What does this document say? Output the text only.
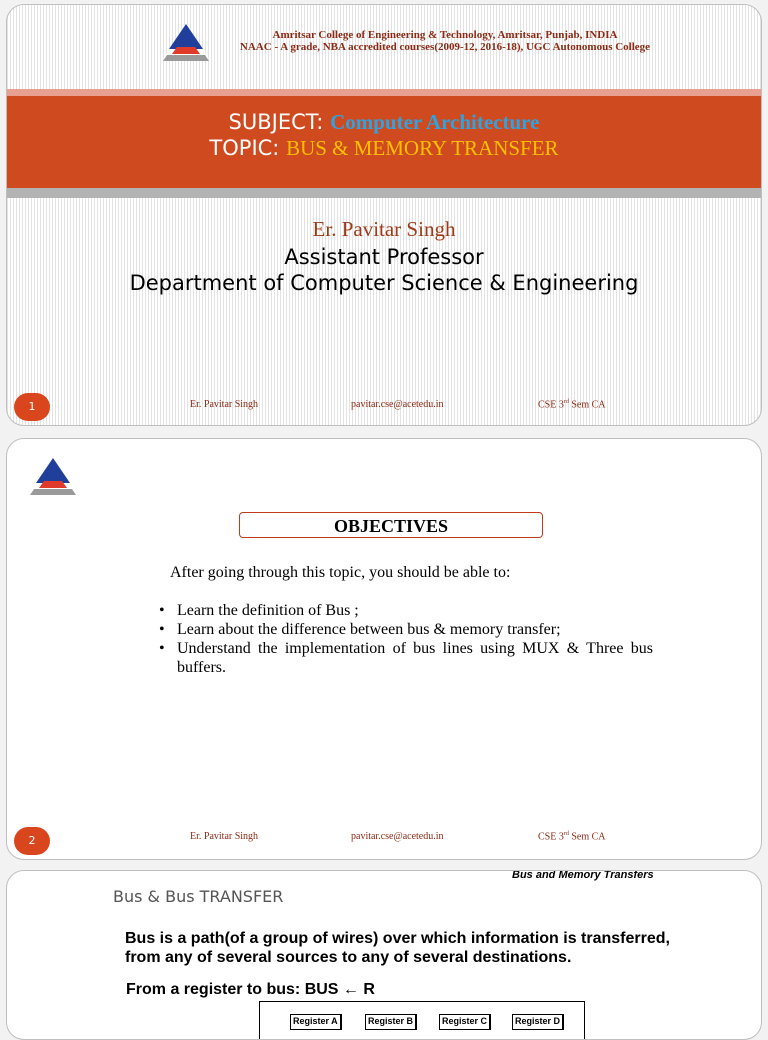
Amritsar College of Engineering & Technology, Amritsar, Punjab, INDIA
NAAC - A grade, NBA accredited courses(2009-12, 2016-18), UGC Autonomous College
SUBJECT: Computer Architecture
TOPIC: BUS & MEMORY TRANSFER
Er. Pavitar Singh
Assistant Professor
Department of Computer Science & Engineering
1	Er. Pavitar Singh	pavitar.cse@acetedu.in	CSE 3rd Sem CA
OBJECTIVES
After going through this topic, you should be able to:
• Learn the definition of Bus ;
• Learn about the difference between bus & memory transfer;
• Understand the implementation of bus lines using MUX & Three bus buffers.
2	Er. Pavitar Singh	pavitar.cse@acetedu.in	CSE 3rd Sem CA
Bus and Memory Transfers
Bus & Bus TRANSFER
Bus is a path(of a group of wires) over which information is transferred, from any of several sources to any of several destinations.
From a register to bus: BUS ← R
Register A	Register B	Register C	Register D
